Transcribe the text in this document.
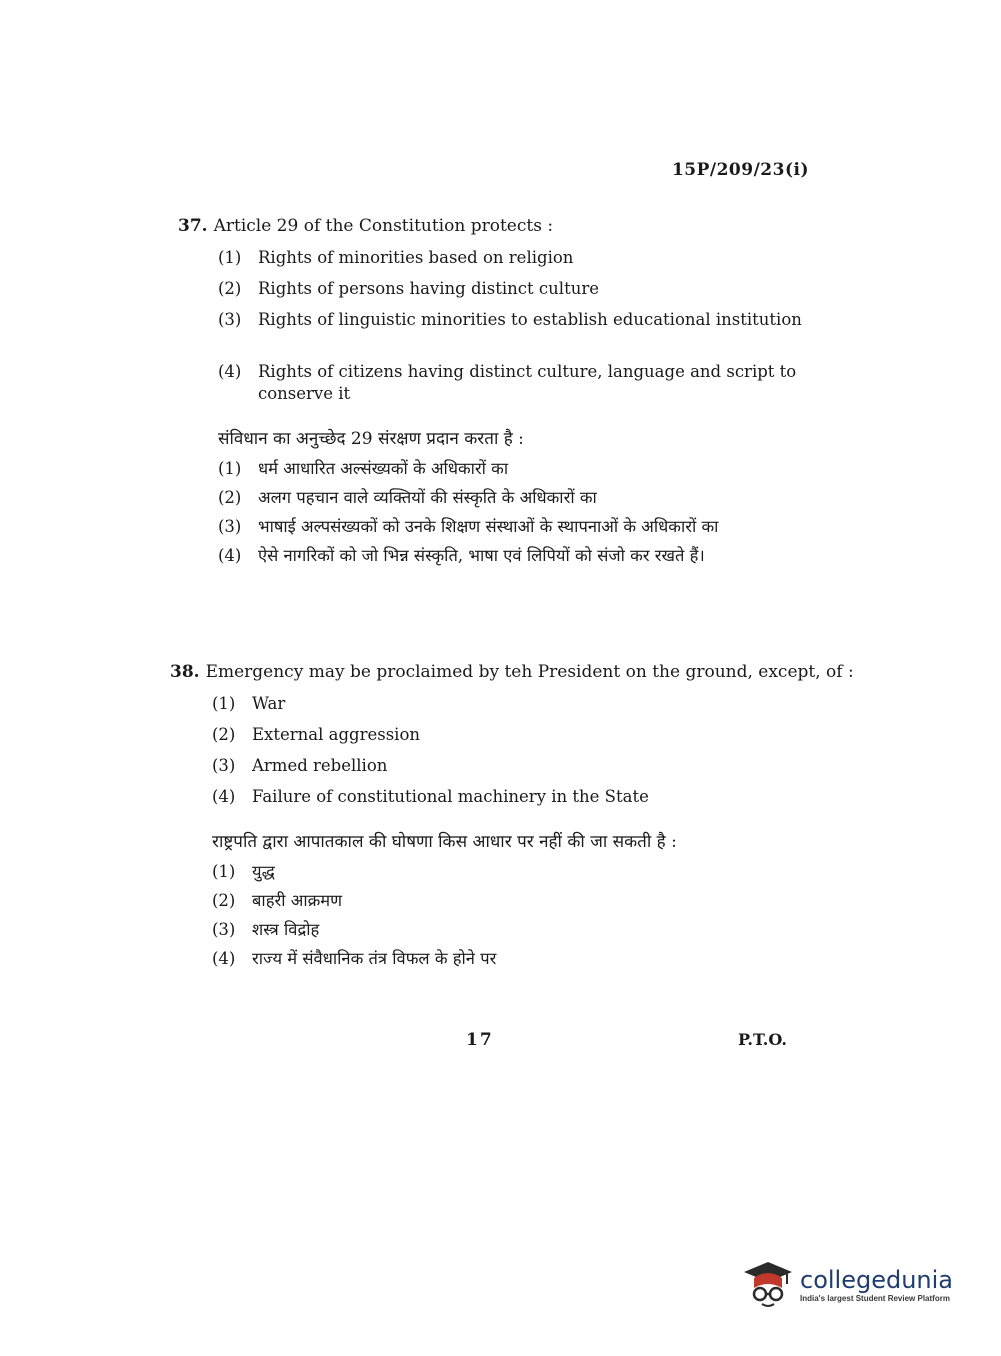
15P/209/23(i)
37. Article 29 of the Constitution protects :
(1)	Rights of minorities based on religion
(2)	Rights of persons having distinct culture
(3)	Rights of linguistic minorities to establish educational institution
(4)	Rights of citizens having distinct culture, language and script to conserve it
संविधान का अनुच्छेद 29 संरक्षण प्रदान करता है :
(1)	धर्म आधारित अल्संख्यकों के अधिकारों का
(2)	अलग पहचान वाले व्यक्तियों की संस्कृति के अधिकारों का
(3)	भाषाई अल्पसंख्यकों को उनके शिक्षण संस्थाओं के स्थापनाओं के अधिकारों का
(4)	ऐसे नागरिकों को जो भिन्न संस्कृति, भाषा एवं लिपियों को संजो कर रखते हैं।
38. Emergency may be proclaimed by teh President on the ground, except, of :
(1)	War
(2)	External aggression
(3)	Armed rebellion
(4)	Failure of constitutional machinery in the State
राष्ट्रपति द्वारा आपातकाल की घोषणा किस आधार पर नहीं की जा सकती है :
(1)	युद्ध
(2)	बाहरी आक्रमण
(3)	शस्त्र विद्रोह
(4)	राज्य में संवैधानिक तंत्र विफल के होने पर
17	P.T.O.
collegedunia
India's largest Student Review Platform
